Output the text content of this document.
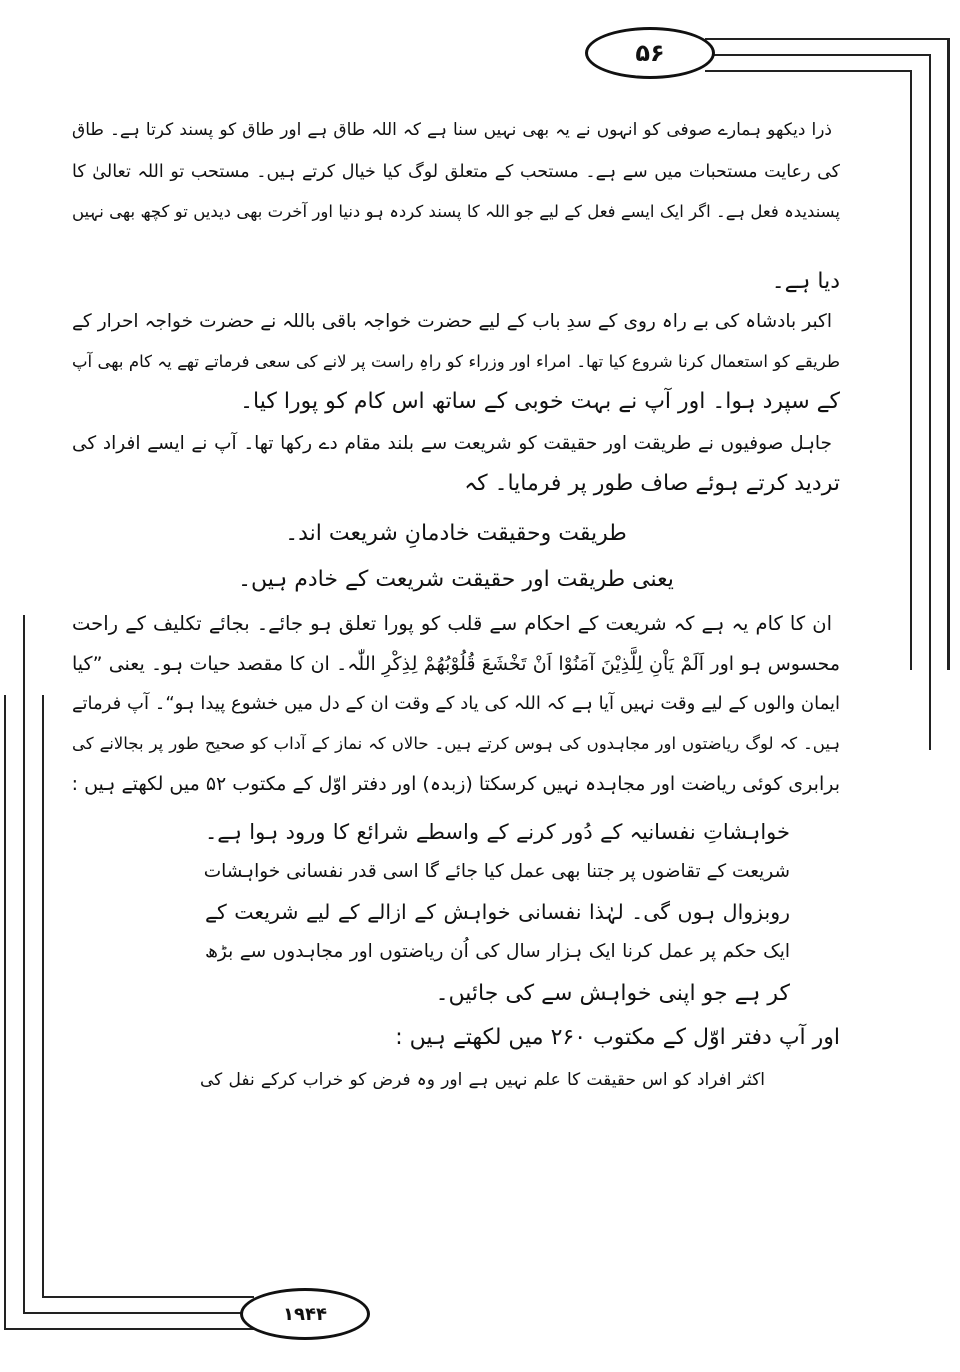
۵۶
۱۹۴۴
ذرا دیکھو ہمارے صوفی کو انہوں نے یہ بھی نہیں سنا ہے کہ اللہ طاق ہے اور طاق کو پسند کرتا ہے۔ طاق
کی رعایت مستحبات میں سے ہے۔ مستحب کے متعلق لوگ کیا خیال کرتے ہیں۔ مستحب تو اللہ تعالیٰ کا
پسندیدہ فعل ہے۔ اگر ایک ایسے فعل کے لیے جو اللہ کا پسند کردہ ہو دنیا اور آخرت بھی دیدیں تو کچھ بھی نہیں
دیا ہے۔
اکبر بادشاہ کی بے راہ روی کے سدِ باب کے لیے حضرت خواجہ باقی باللہ نے حضرت خواجہ احرار کے
طریقے کو استعمال کرنا شروع کیا تھا۔ امراء اور وزراء کو راہِ راست پر لانے کی سعی فرماتے تھے یہ کام بھی آپ
کے سپرد ہوا۔ اور آپ نے بہت خوبی کے ساتھ اس کام کو پورا کیا۔
جاہل صوفیوں نے طریقت اور حقیقت کو شریعت سے بلند مقام دے رکھا تھا۔ آپ نے ایسے افراد کی
تردید کرتے ہوئے صاف طور پر فرمایا۔ کہ
طریقت وحقیقت خادمانِ شریعت اند۔
یعنی طریقت اور حقیقت شریعت کے خادم ہیں۔
ان کا کام یہ ہے کہ شریعت کے احکام سے قلب کو پورا تعلق ہو جائے۔ بجائے تکلیف کے راحت
محسوس ہو اور اَلَمْ یَاْنِ لِلَّذِیْنَ آمَنُوْا اَنْ تَخْشَعَ قُلُوْبُھُمْ لِذِکْرِ اللّٰہ۔ ان کا مقصد حیات ہو۔ یعنی ”کیا
ایمان والوں کے لیے وقت نہیں آیا ہے کہ اللہ کی یاد کے وقت ان کے دل میں خشوع پیدا ہو“۔ آپ فرماتے
ہیں۔ کہ لوگ ریاضتوں اور مجاہدوں کی ہوس کرتے ہیں۔ حالاں کہ نماز کے آداب کو صحیح طور پر بجالانے کی
برابری کوئی ریاضت اور مجاہدہ نہیں کرسکتا (زبدہ) اور دفتر اوّل کے مکتوب ۵۲ میں لکھتے ہیں :
خواہشاتِ نفسانیہ کے دُور کرنے کے واسطے شرائع کا ورود ہوا ہے۔
شریعت کے تقاضوں پر جتنا بھی عمل کیا جائے گا اسی قدر نفسانی خواہشات
روبزوال ہوں گی۔ لہٰذا نفسانی خواہش کے ازالے کے لیے شریعت کے
ایک حکم پر عمل کرنا ایک ہزار سال کی اُن ریاضتوں اور مجاہدوں سے بڑھ
کر ہے جو اپنی خواہش سے کی جائیں۔
اور آپ دفتر اوّل کے مکتوب ۲۶۰ میں لکھتے ہیں :
اکثر افراد کو اس حقیقت کا علم نہیں ہے اور وہ فرض کو خراب کرکے نفل کی
